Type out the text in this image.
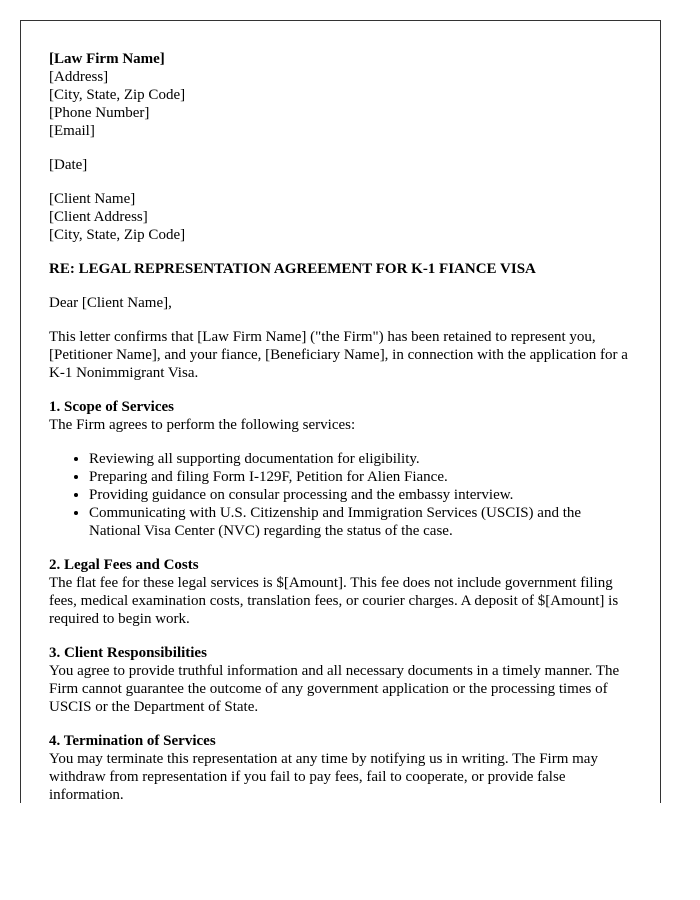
[Law Firm Name]
[Address]
[City, State, Zip Code]
[Phone Number]
[Email]

[Date]

[Client Name]
[Client Address]
[City, State, Zip Code]

RE: LEGAL REPRESENTATION AGREEMENT FOR K-1 FIANCE VISA

Dear [Client Name],

This letter confirms that [Law Firm Name] ("the Firm") has been retained to represent you, [Petitioner Name], and your fiance, [Beneficiary Name], in connection with the application for a K-1 Nonimmigrant Visa.

1. Scope of Services

The Firm agrees to perform the following services:

• Reviewing all supporting documentation for eligibility.
• Preparing and filing Form I-129F, Petition for Alien Fiance.
• Providing guidance on consular processing and the embassy interview.
• Communicating with U.S. Citizenship and Immigration Services (USCIS) and the National Visa Center (NVC) regarding the status of the case.
2. Legal Fees and Costs

The flat fee for these legal services is $[Amount]. This fee does not include government filing fees, medical examination costs, translation fees, or courier charges. A deposit of $[Amount] is required to begin work.

3. Client Responsibilities

You agree to provide truthful information and all necessary documents in a timely manner. The Firm cannot guarantee the outcome of any government application or the processing times of USCIS or the Department of State.

4. Termination of Services

You may terminate this representation at any time by notifying us in writing. The Firm may withdraw from representation if you fail to pay fees, fail to cooperate, or provide false information.
